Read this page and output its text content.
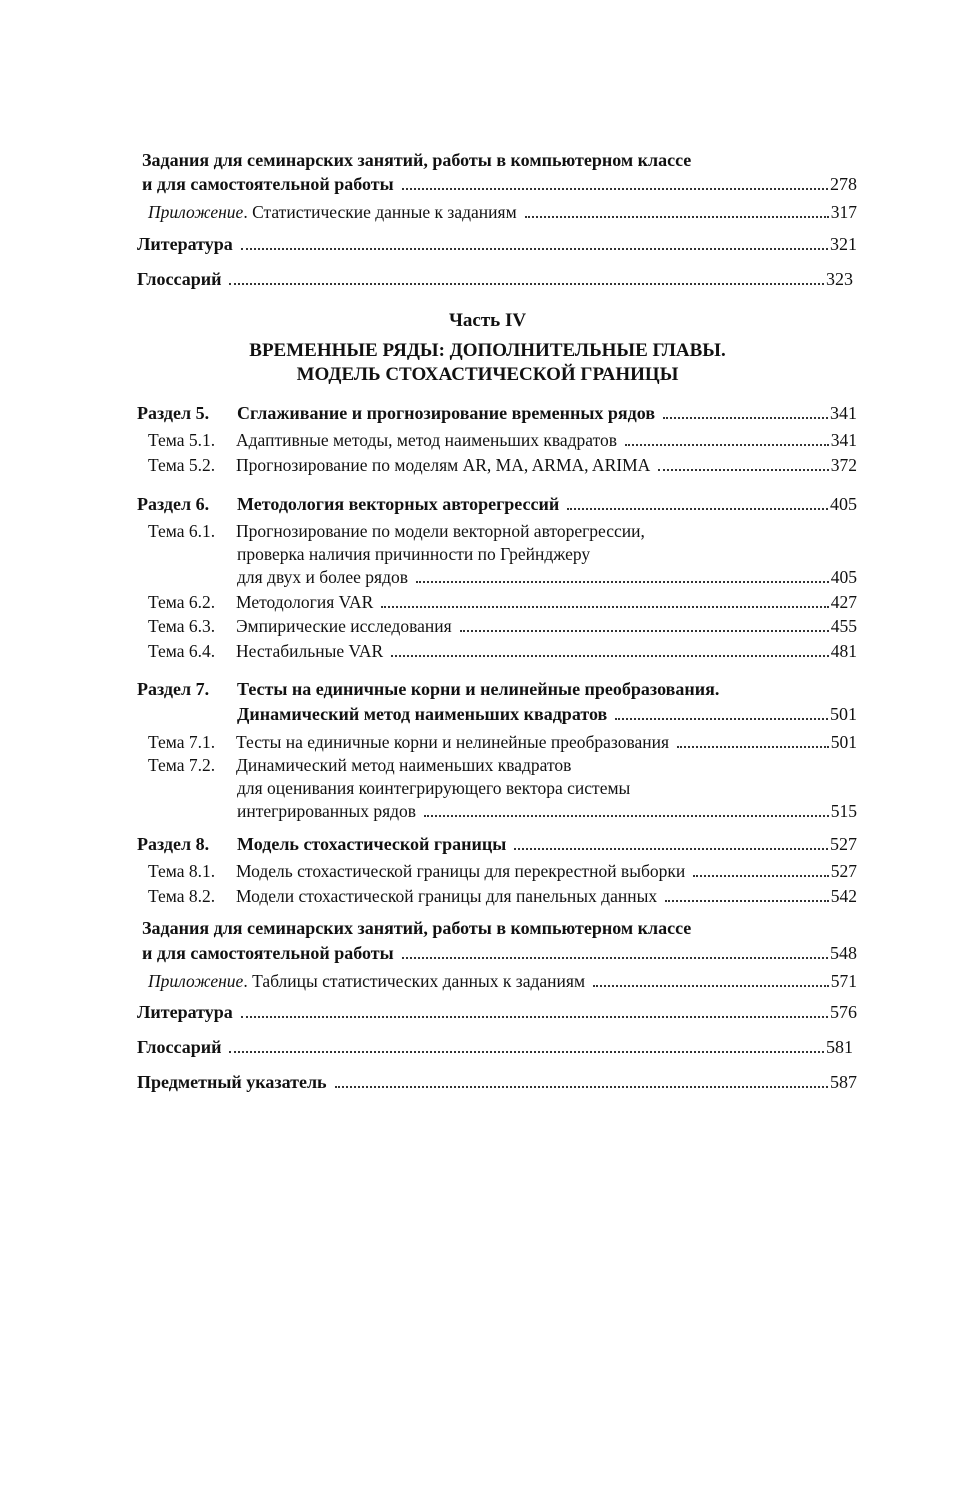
Задания для семинарских занятий, работы в компьютерном классе
и для самостоятельной работы	278
Приложение. Статистические данные к заданиям	317
Литература	321
Глоссарий	323
Часть IV
ВРЕМЕННЫЕ РЯДЫ: ДОПОЛНИТЕЛЬНЫЕ ГЛАВЫ.
МОДЕЛЬ СТОХАСТИЧЕСКОЙ ГРАНИЦЫ
Раздел 5.	Сглаживание и прогнозирование временных рядов	341
Тема 5.1.	Адаптивные методы, метод наименьших квадратов	341
Тема 5.2.	Прогнозирование по моделям AR, MA, ARMA, ARIMA	372
Раздел 6.	Методология векторных авторегрессий	405
Тема 6.1.	Прогнозирование по модели векторной авторегрессии,
проверка наличия причинности по Грейнджеру
для двух и более рядов	405
Тема 6.2.	Методология VAR	427
Тема 6.3.	Эмпирические исследования	455
Тема 6.4.	Нестабильные VAR	481
Раздел 7.	Тесты на единичные корни и нелинейные преобразования.
Динамический метод наименьших квадратов	501
Тема 7.1.	Тесты на единичные корни и нелинейные преобразования	501
Тема 7.2.	Динамический метод наименьших квадратов
для оценивания коинтегрирующего вектора системы
интегрированных рядов	515
Раздел 8.	Модель стохастической границы	527
Тема 8.1.	Модель стохастической границы для перекрестной выборки	527
Тема 8.2.	Модели стохастической границы для панельных данных	542
Задания для семинарских занятий, работы в компьютерном классе
и для самостоятельной работы	548
Приложение. Таблицы статистических данных к заданиям	571
Литература	576
Глоссарий	581
Предметный указатель	587
